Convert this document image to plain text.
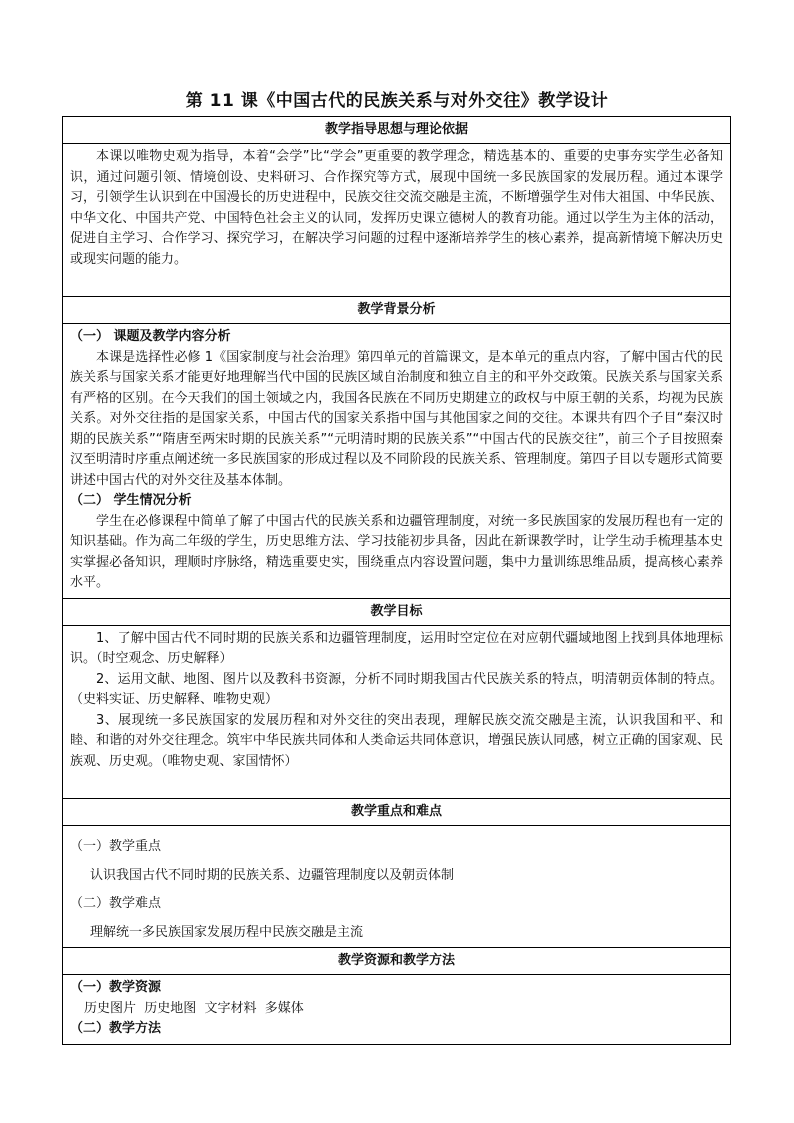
第 11 课《中国古代的民族关系与对外交往》教学设计
教学指导思想与理论依据

本课以唯物史观为指导，本着“会学”比“学会”更重要的教学理念，精选基本的、重要的史事夯实学生必备知识，通过问题引领、情境创设、史料研习、合作探究等方式，展现中国统一多民族国家的发展历程。通过本课学习，引领学生认识到在中国漫长的历史进程中，民族交往交流交融是主流，不断增强学生对伟大祖国、中华民族、中华文化、中国共产党、中国特色社会主义的认同，发挥历史课立德树人的教育功能。通过以学生为主体的活动，促进自主学习、合作学习、探究学习，在解决学习问题的过程中逐渐培养学生的核心素养，提高新情境下解决历史或现实问题的能力。

教学背景分析

（一） 课题及教学内容分析

本课是选择性必修 1《国家制度与社会治理》第四单元的首篇课文，是本单元的重点内容，了解中国古代的民族关系与国家关系才能更好地理解当代中国的民族区域自治制度和独立自主的和平外交政策。民族关系与国家关系有严格的区别。在今天我们的国土领域之内，我国各民族在不同历史期建立的政权与中原王朝的关系，均视为民族关系。对外交往指的是国家关系，中国古代的国家关系指中国与其他国家之间的交往。本课共有四个子目“秦汉时期的民族关系”“隋唐至两宋时期的民族关系”“元明清时期的民族关系”“中国古代的民族交往”，前三个子目按照秦汉至明清时序重点阐述统一多民族国家的形成过程以及不同阶段的民族关系、管理制度。第四子目以专题形式简要讲述中国古代的对外交往及基本体制。

（二） 学生情况分析

学生在必修课程中简单了解了中国古代的民族关系和边疆管理制度，对统一多民族国家的发展历程也有一定的知识基础。作为高二年级的学生，历史思维方法、学习技能初步具备，因此在新课教学时，让学生动手梳理基本史实掌握必备知识，理顺时序脉络，精选重要史实，围绕重点内容设置问题，集中力量训练思维品质，提高核心素养水平。

教学目标

1、了解中国古代不同时期的民族关系和边疆管理制度，运用时空定位在对应朝代疆域地图上找到具体地理标识。（时空观念、历史解释）

2、运用文献、地图、图片以及教科书资源，分析不同时期我国古代民族关系的特点，明清朝贡体制的特点。（史料实证、历史解释、唯物史观）

3、展现统一多民族国家的发展历程和对外交往的突出表现，理解民族交流交融是主流，认识我国和平、和睦、和谐的对外交往理念。筑牢中华民族共同体和人类命运共同体意识，增强民族认同感，树立正确的国家观、民族观、历史观。（唯物史观、家国情怀）

教学重点和难点

（一）教学重点

认识我国古代不同时期的民族关系、边疆管理制度以及朝贡体制

（二）教学难点

理解统一多民族国家发展历程中民族交融是主流

教学资源和教学方法

（一）教学资源

历史图片  历史地图  文字材料  多媒体

（二）教学方法
